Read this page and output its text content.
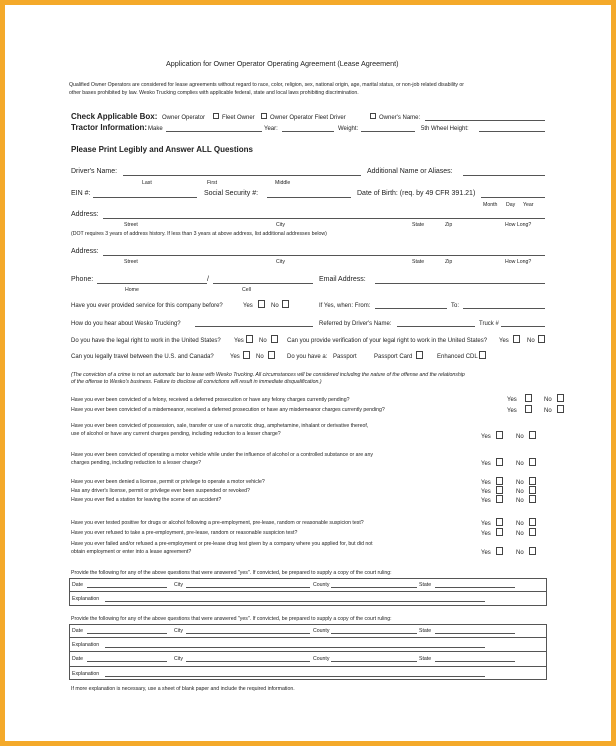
Application for Owner Operator Operating Agreement (Lease Agreement)
Qualified Owner Operators are considered for lease agreements without regard to race, color, religion, sex, national origin, age, marital status, or non-job related disability or
other bases prohibited by law. Wesko Trucking complies with applicable federal, state and local laws prohibiting discrimination.
Check Applicable Box: Owner Operator	Fleet Owner	Owner Operator Fleet Driver	Owner's Name:
Tractor Information: Make	Year:	Weight:	5th Wheel Height:
Please Print Legibly and Answer ALL Questions
Driver's Name:	Additional Name or Aliases:
Last	First	Middle
EIN #:	Social Security #:	Date of Birth: (req. by 49 CFR 391.21)
Month Day Year
Address:
Street	City	State	Zip	How Long?
(DOT requires 3 years of address history. If less than 3 years at above address, list additional addresses below)
Address:
Street	City	State	Zip	How Long?
Phone:	/
Home	Cell
Email Address:
Have you ever provided service for this company before?	Yes	No	If Yes, when: From:	To:
How do you hear about Wesko Trucking?	Referred by Driver's Name:	Truck #
Do you have the legal right to work in the United States? Yes	No	Can you provide verification of your legal right to work in the United States? Yes	No
Can you legally travel between the U.S. and Canada?	Yes	No	Do you have a: Passport	Passport Card	Enhanced CDL
(The conviction of a crime is not an automatic bar to lease with Wesko Trucking. All circumstances will be considered including the nature of the offense and the relationship
of the offense to Wesko's business. Failure to disclose all convictions will result in immediate disqualification.)
Have you ever been convicted of a felony, received a deferred prosecution or have any felony charges currently pending?	Yes	No
Have you ever been convicted of a misdemeanor, received a deferred prosecution or have any misdemeanor charges currently pending?	Yes	No
Have you ever been convicted of possession, sale, transfer or use of a narcotic drug, amphetamine, inhalant or derivative thereof,
use of alcohol or have any current charges pending, including reduction to a lesser charge?	Yes	No
Have you ever been convicted of operating a motor vehicle while under the influence of alcohol or a controlled substance or are any
charges pending, including reduction to a lesser charge?	Yes	No
Have you ever been denied a license, permit or privilege to operate a motor vehicle?	Yes	No
Has any driver's license, permit or privilege ever been suspended or revoked?	Yes	No
Have you ever fled a station for leaving the scene of an accident?	Yes	No
Have you ever tested positive for drugs or alcohol following a pre-employment, pre-lease, random or reasonable suspicion test?	Yes	No
Have you ever refused to take a pre-employment, pre-lease, random or reasonable suspicion test?	Yes	No
Have you ever failed and/or refused a pre-employment or pre-lease drug test given by a company where you applied for, but did not
obtain employment or enter into a lease agreement?	Yes	No
Provide the following for any of the above questions that were answered "yes". If convicted, be prepared to supply a copy of the court ruling:
Date	City	County	State
Explanation
Provide the following for any of the above questions that were answered "yes". If convicted, be prepared to supply a copy of the court ruling:
Date	City	County	State
Explanation
Date	City	County	State
Explanation
If more explanation is necessary, use a sheet of blank paper and include the required information.
